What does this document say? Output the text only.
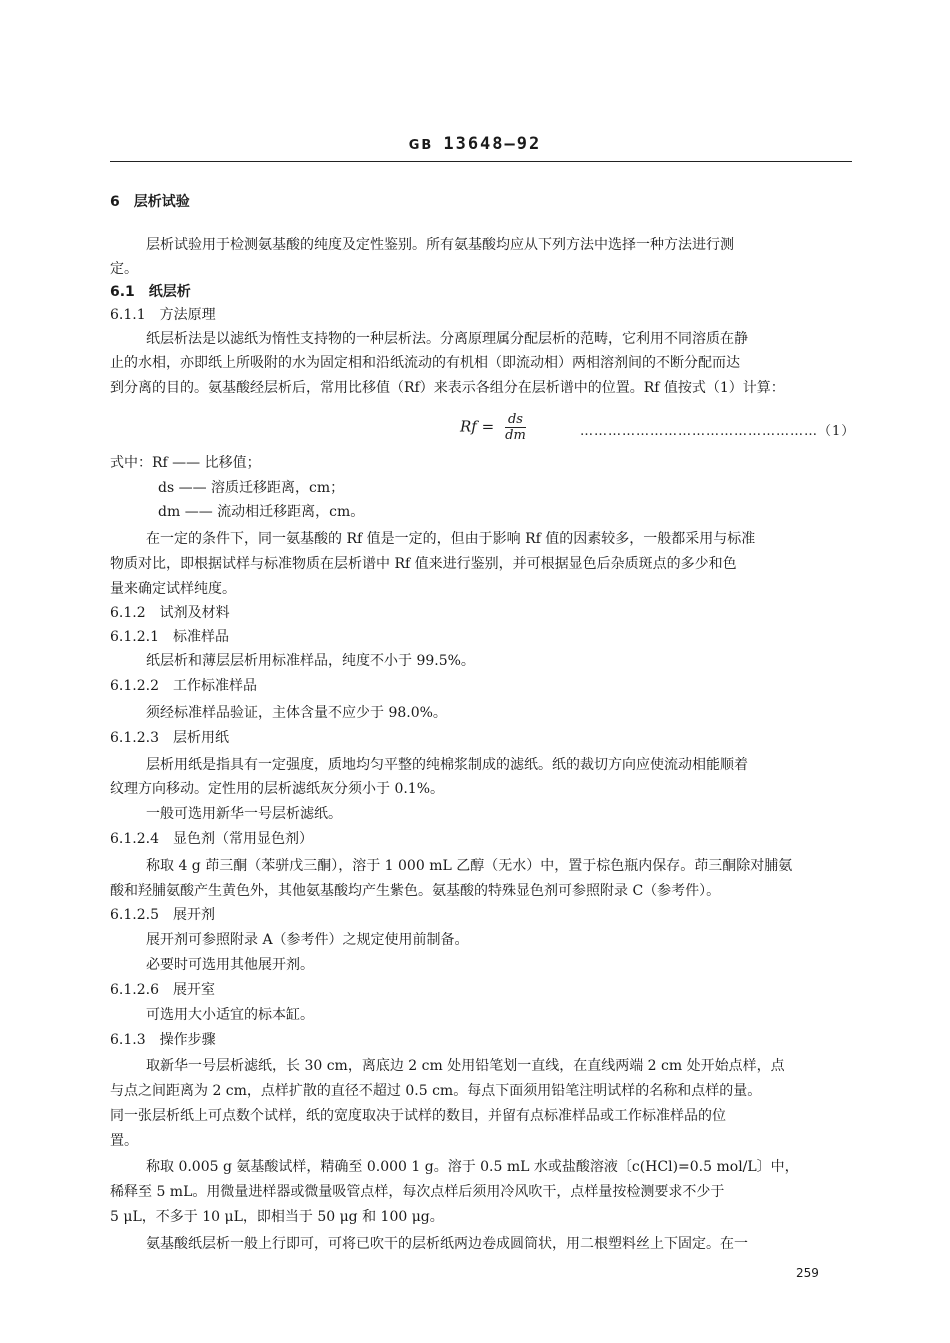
GB 13648—92
6　层析试验
层析试验用于检测氨基酸的纯度及定性鉴别。所有氨基酸均应从下列方法中选择一种方法进行测
定。
6.1　纸层析
6.1.1　方法原理
纸层析法是以滤纸为惰性支持物的一种层析法。分离原理属分配层析的范畴，它利用不同溶质在静
止的水相，亦即纸上所吸附的水为固定相和沿纸流动的有机相（即流动相）两相溶剂间的不断分配而达
到分离的目的。氨基酸经层析后，常用比移值（Rf）来表示各组分在层析谱中的位置。Rf 值按式（1）计算：
$Rf = \frac{ds}{dm}$	……………………………………………（1）
式中：Rf —— 比移值；
ds —— 溶质迁移距离，cm；
dm —— 流动相迁移距离，cm。
在一定的条件下，同一氨基酸的 Rf 值是一定的，但由于影响 Rf 值的因素较多，一般都采用与标准
物质对比，即根据试样与标准物质在层析谱中 Rf 值来进行鉴别，并可根据显色后杂质斑点的多少和色
量来确定试样纯度。
6.1.2　试剂及材料
6.1.2.1　标准样品
纸层析和薄层层析用标准样品，纯度不小于 99.5%。
6.1.2.2　工作标准样品
须经标准样品验证，主体含量不应少于 98.0%。
6.1.2.3　层析用纸
层析用纸是指具有一定强度，质地均匀平整的纯棉浆制成的滤纸。纸的裁切方向应使流动相能顺着
纹理方向移动。定性用的层析滤纸灰分须小于 0.1%。
一般可选用新华一号层析滤纸。
6.1.2.4　显色剂（常用显色剂）
称取 4 g 茚三酮（苯骈戊三酮），溶于 1 000 mL 乙醇（无水）中，置于棕色瓶内保存。茚三酮除对脯氨
酸和羟脯氨酸产生黄色外，其他氨基酸均产生紫色。氨基酸的特殊显色剂可参照附录 C（参考件）。
6.1.2.5　展开剂
展开剂可参照附录 A（参考件）之规定使用前制备。
必要时可选用其他展开剂。
6.1.2.6　展开室
可选用大小适宜的标本缸。
6.1.3　操作步骤
取新华一号层析滤纸，长 30 cm，离底边 2 cm 处用铅笔划一直线，在直线两端 2 cm 处开始点样，点
与点之间距离为 2 cm，点样扩散的直径不超过 0.5 cm。每点下面须用铅笔注明试样的名称和点样的量。
同一张层析纸上可点数个试样，纸的宽度取决于试样的数目，并留有点标准样品或工作标准样品的位
置。
称取 0.005 g 氨基酸试样，精确至 0.000 1 g。溶于 0.5 mL 水或盐酸溶液〔c(HCl)=0.5 mol/L〕中，
稀释至 5 mL。用微量进样器或微量吸管点样，每次点样后须用冷风吹干，点样量按检测要求不少于
5 μL，不多于 10 μL，即相当于 50 μg 和 100 μg。
氨基酸纸层析一般上行即可，可将已吹干的层析纸两边卷成圆筒状，用二根塑料丝上下固定。在一
259
